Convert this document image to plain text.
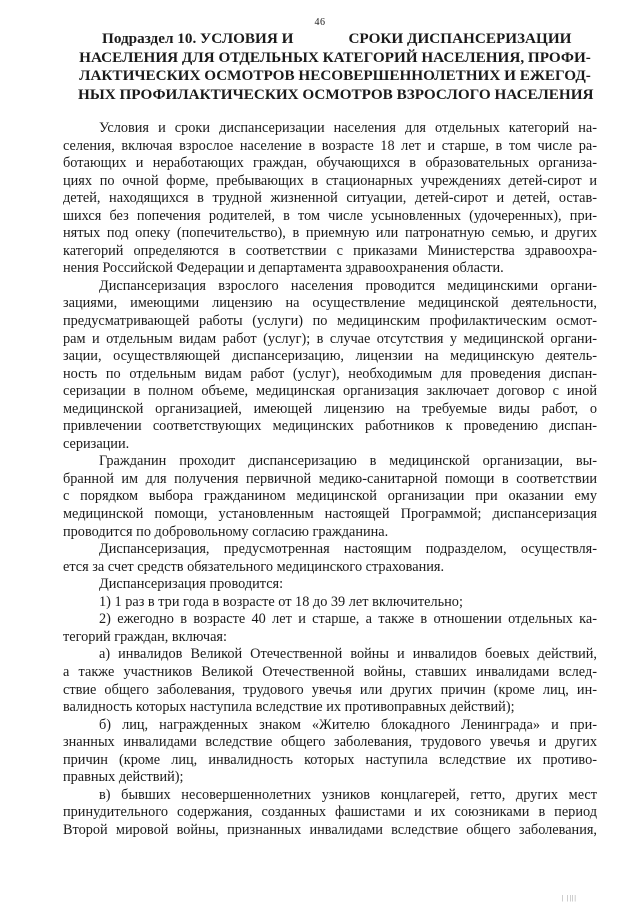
46
Подраздел 10. УСЛОВИЯ И	СРОКИ ДИСПАНСЕРИЗАЦИИ
НАСЕЛЕНИЯ ДЛЯ ОТДЕЛЬНЫХ КАТЕГОРИЙ НАСЕЛЕНИЯ, ПРОФИ-
ЛАКТИЧЕСКИХ ОСМОТРОВ НЕСОВЕРШЕННОЛЕТНИХ И ЕЖЕГОД-
НЫХ ПРОФИЛАКТИЧЕСКИХ ОСМОТРОВ ВЗРОСЛОГО НАСЕЛЕНИЯ
Условия и сроки диспансеризации населения для отдельных категорий на-
селения, включая взрослое население в возрасте 18 лет и старше, в том числе ра-
ботающих и неработающих граждан, обучающихся в образовательных организа-
циях по очной форме, пребывающих в стационарных учреждениях детей-сирот и
детей, находящихся в трудной жизненной ситуации, детей-сирот и детей, остав-
шихся без попечения родителей, в том числе усыновленных (удочеренных), при-
нятых под опеку (попечительство), в приемную или патронатную семью, и других
категорий определяются в соответствии с приказами Министерства здравоохра-
нения Российской Федерации и департамента здравоохранения области.
Диспансеризация взрослого населения проводится медицинскими органи-
зациями, имеющими лицензию на осуществление медицинской деятельности,
предусматривающей работы (услуги) по медицинским профилактическим осмот-
рам и отдельным видам работ (услуг); в случае отсутствия у медицинской органи-
зации, осуществляющей диспансеризацию, лицензии на медицинскую деятель-
ность по отдельным видам работ (услуг), необходимым для проведения диспан-
серизации в полном объеме, медицинская организация заключает договор с иной
медицинской организацией, имеющей лицензию на требуемые виды работ, о
привлечении соответствующих медицинских работников к проведению диспан-
серизации.
Гражданин проходит диспансеризацию в медицинской организации, вы-
бранной им для получения первичной медико-санитарной помощи в соответствии
с порядком выбора гражданином медицинской организации при оказании ему
медицинской помощи, установленным настоящей Программой; диспансеризация
проводится по добровольному согласию гражданина.
Диспансеризация, предусмотренная настоящим подразделом, осуществля-
ется за счет средств обязательного медицинского страхования.
Диспансеризация проводится:
1) 1 раз в три года в возрасте от 18 до 39 лет включительно;
2) ежегодно в возрасте 40 лет и старше, а также в отношении отдельных ка-
тегорий граждан, включая:
а) инвалидов Великой Отечественной войны и инвалидов боевых действий,
а также участников Великой Отечественной войны, ставших инвалидами вслед-
ствие общего заболевания, трудового увечья или других причин (кроме лиц, ин-
валидность которых наступила вследствие их противоправных действий);
б) лиц, награжденных знаком «Жителю блокадного Ленинграда» и при-
знанных инвалидами вследствие общего заболевания, трудового увечья и других
причин (кроме лиц, инвалидность которых наступила вследствие их противо-
правных действий);
в) бывших несовершеннолетних узников концлагерей, гетто, других мест
принудительного содержания, созданных фашистами и их союзниками в период
Второй мировой войны, признанных инвалидами вследствие общего заболевания,
| ||||
